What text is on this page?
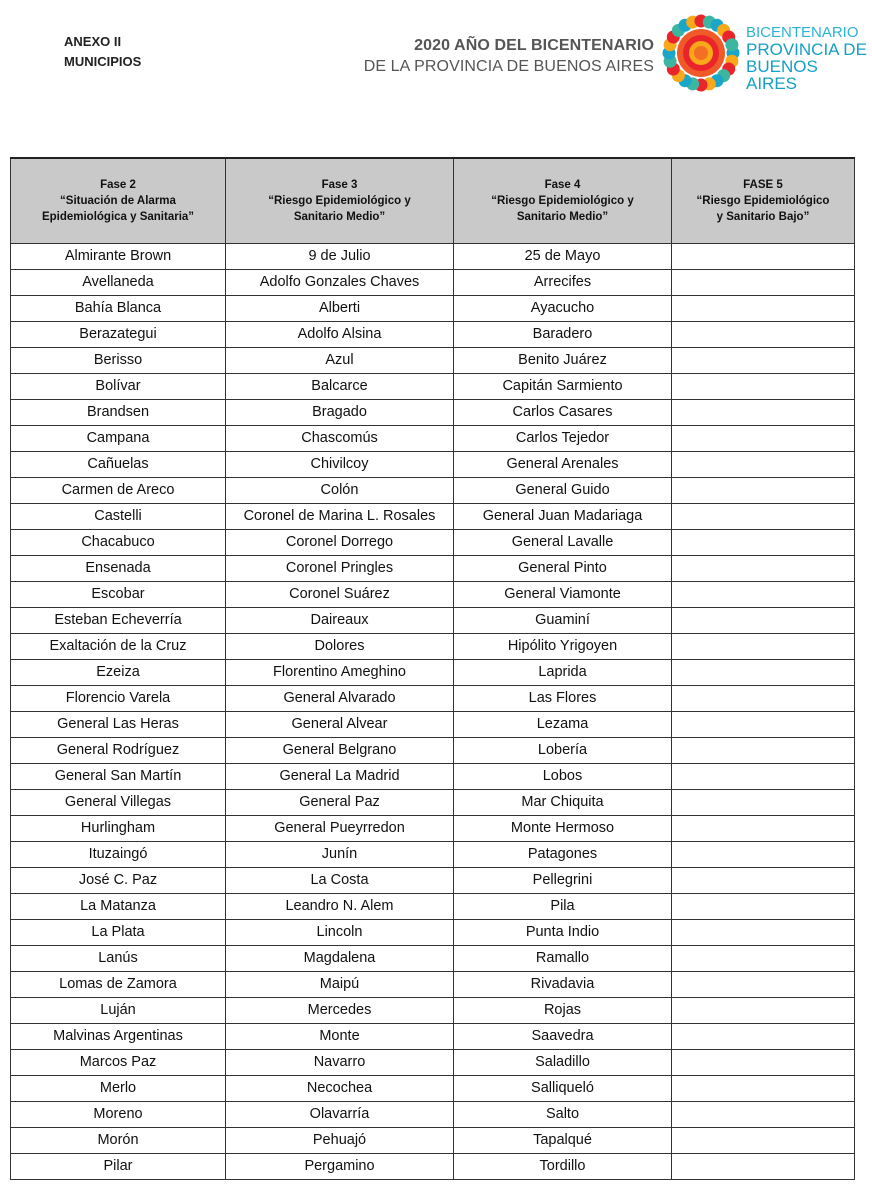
ANEXO II
MUNICIPIOS
2020 AÑO DEL BICENTENARIO
DE LA PROVINCIA DE BUENOS AIRES
BICENTENARIO
PROVINCIA DE
BUENOS AIRES
Fase 2
“Situación de Alarma
Epidemiológica y Sanitaria”	Fase 3
“Riesgo Epidemiológico y
Sanitario Medio”	Fase 4
“Riesgo Epidemiológico y
Sanitario Medio”	FASE 5
“Riesgo Epidemiológico
y Sanitario Bajo”

Almirante Brown	9 de Julio	25 de Mayo	
Avellaneda	Adolfo Gonzales Chaves	Arrecifes	
Bahía Blanca	Alberti	Ayacucho	
Berazategui	Adolfo Alsina	Baradero	
Berisso	Azul	Benito Juárez	
Bolívar	Balcarce	Capitán Sarmiento	
Brandsen	Bragado	Carlos Casares	
Campana	Chascomús	Carlos Tejedor	
Cañuelas	Chivilcoy	General Arenales	
Carmen de Areco	Colón	General Guido	
Castelli	Coronel de Marina L. Rosales	General Juan Madariaga	
Chacabuco	Coronel Dorrego	General Lavalle	
Ensenada	Coronel Pringles	General Pinto	
Escobar	Coronel Suárez	General Viamonte	
Esteban Echeverría	Daireaux	Guaminí	
Exaltación de la Cruz	Dolores	Hipólito Yrigoyen	
Ezeiza	Florentino Ameghino	Laprida	
Florencio Varela	General Alvarado	Las Flores	
General Las Heras	General Alvear	Lezama	
General Rodríguez	General Belgrano	Lobería	
General San Martín	General La Madrid	Lobos	
General Villegas	General Paz	Mar Chiquita	
Hurlingham	General Pueyrredon	Monte Hermoso	
Ituzaingó	Junín	Patagones	
José C. Paz	La Costa	Pellegrini	
La Matanza	Leandro N. Alem	Pila	
La Plata	Lincoln	Punta Indio	
Lanús	Magdalena	Ramallo	
Lomas de Zamora	Maipú	Rivadavia	
Luján	Mercedes	Rojas	
Malvinas Argentinas	Monte	Saavedra	
Marcos Paz	Navarro	Saladillo	
Merlo	Necochea	Salliqueló	
Moreno	Olavarría	Salto	
Morón	Pehuajó	Tapalqué	
Pilar	Pergamino	Tordillo	
